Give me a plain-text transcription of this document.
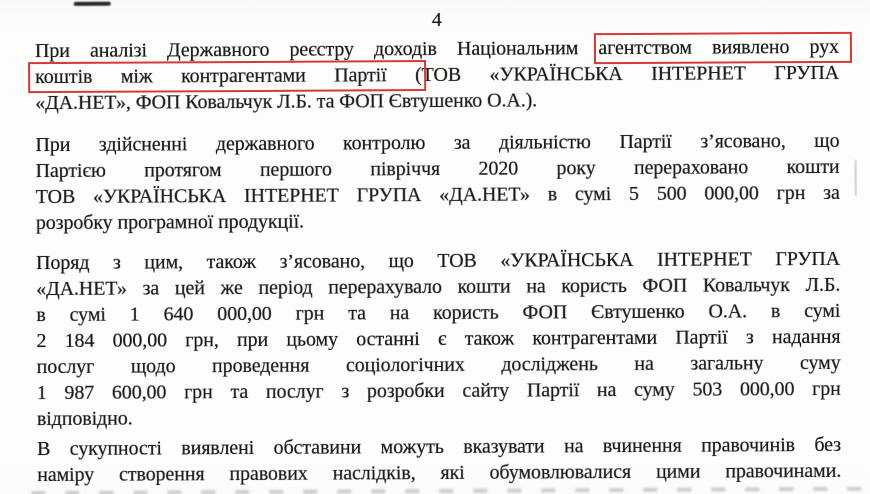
4
При аналізі Державного реєстру доходів Національним агентством виявлено рух
коштів між контрагентами Партії (ТОВ «УКРАЇНСЬКА ІНТЕРНЕТ ГРУПА
«ДА.НЕТ», ФОП Ковальчук Л.Б. та ФОП Євтушенко О.А.).
При здійсненні державного контролю за діяльністю Партії з’ясовано, що
Партією протягом першого півріччя 2020 року перераховано кошти
ТОВ «УКРАЇНСЬКА ІНТЕРНЕТ ГРУПА «ДА.НЕТ» в сумі 5 500 000,00 грн за
розробку програмної продукції.
Поряд з цим, також з’ясовано, що ТОВ «УКРАЇНСЬКА ІНТЕРНЕТ ГРУПА
«ДА.НЕТ» за цей же період перерахувало кошти на користь ФОП Ковальчук Л.Б.
в сумі 1 640 000,00 грн та на користь ФОП Євтушенко О.А. в сумі
2 184 000,00 грн, при цьому останні є також контрагентами Партії з надання
послуг щодо проведення соціологічних досліджень на загальну суму
1 987 600,00 грн та послуг з розробки сайту Партії на суму 503 000,00 грн
відповідно.
В сукупності виявлені обставини можуть вказувати на вчинення правочинів без
наміру створення правових наслідків, які обумовлювалися цими правочинами.
